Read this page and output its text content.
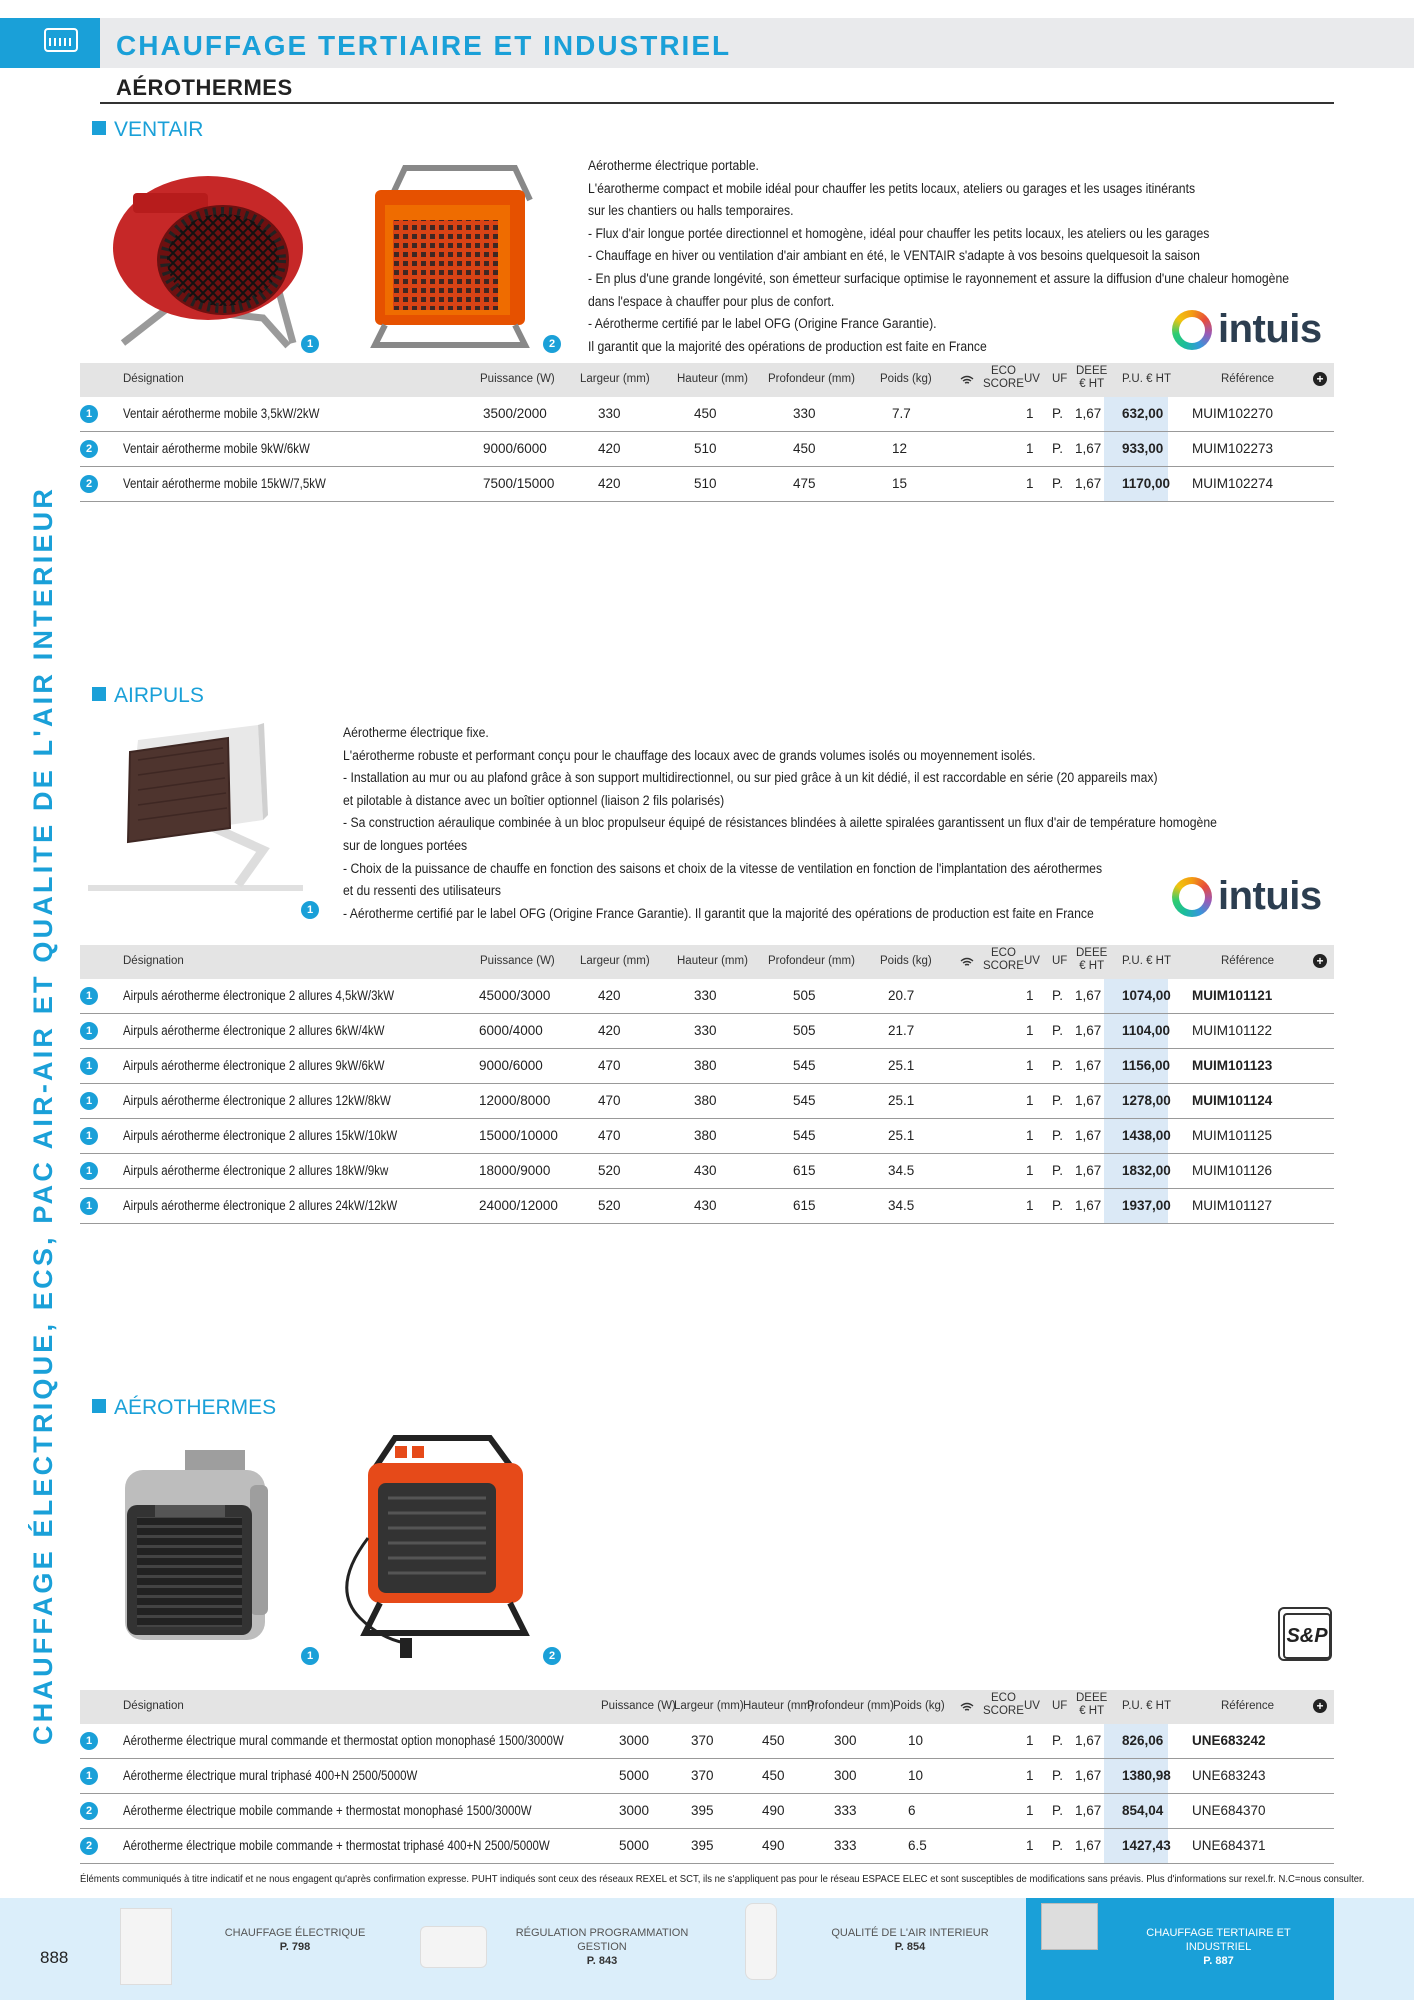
CHAUFFAGE TERTIAIRE ET INDUSTRIEL
AÉROTHERMES
CHAUFFAGE ÉLECTRIQUE, ECS, PAC AIR-AIR ET QUALITE DE L'AIR INTERIEUR
VENTAIR
1	2
Aérotherme électrique portable.
L'éarotherme compact et mobile idéal pour chauffer les petits locaux, ateliers ou garages et les usages itinérants
sur les chantiers ou halls temporaires.
- Flux d'air longue portée directionnel et homogène, idéal pour chauffer les petits locaux, les ateliers ou les garages
- Chauffage en hiver ou ventilation d'air ambiant en été, le VENTAIR s'adapte à vos besoins quelquesoit la saison
- En plus d'une grande longévité, son émetteur surfacique optimise le rayonnement et assure la diffusion d'une chaleur homogène
dans l'espace à chauffer pour plus de confort.
- Aérotherme certifié par le label OFG (Origine France Garantie).
Il garantit que la majorité des opérations de production est faite en France	intuis
Désignation	Puissance (W) Largeur (mm) Hauteur (mm) Profondeur (mm) Poids (kg)
ECO
SCORE UV UF
DEEE
€ HT P.U. € HT	Référence	+
1	Ventair aérotherme mobile 3,5kW/2kW	3500/2000	330	450	330	7.7	1 P. 1,67 632,00 MUIM102270
2	Ventair aérotherme mobile 9kW/6kW	9000/6000	420	510	450	12	1 P. 1,67 933,00 MUIM102273
2	Ventair aérotherme mobile 15kW/7,5kW	7500/15000	420	510	475	15	1 P. 1,67 1170,00 MUIM102274
AIRPULS
1
Aérotherme électrique fixe.
L'aérotherme robuste et performant conçu pour le chauffage des locaux avec de grands volumes isolés ou moyennement isolés.
- Installation au mur ou au plafond grâce à son support multidirectionnel, ou sur pied grâce à un kit dédié, il est raccordable en série (20 appareils max)
et pilotable à distance avec un boîtier optionnel (liaison 2 fils polarisés)
- Sa construction aéraulique combinée à un bloc propulseur équipé de résistances blindées à ailette spiralées garantissent un flux d'air de température homogène
sur de longues portées
- Choix de la puissance de chauffe en fonction des saisons et choix de la vitesse de ventilation en fonction de l'implantation des aérothermes
et du ressenti des utilisateurs
- Aérotherme certifié par le label OFG (Origine France Garantie). Il garantit que la majorité des opérations de production est faite en France	intuis
Désignation	Puissance (W) Largeur (mm) Hauteur (mm) Profondeur (mm) Poids (kg)
ECO
SCORE UV UF
DEEE
€ HT P.U. € HT	Référence	+
1	Airpuls aérotherme électronique 2 allures 4,5kW/3kW	45000/3000	420	330	505	20.7	1 P. 1,67 1074,00 MUIM101121
1	Airpuls aérotherme électronique 2 allures 6kW/4kW	6000/4000	420	330	505	21.7	1 P. 1,67 1104,00 MUIM101122
1	Airpuls aérotherme électronique 2 allures 9kW/6kW	9000/6000	470	380	545	25.1	1 P. 1,67 1156,00 MUIM101123
1	Airpuls aérotherme électronique 2 allures 12kW/8kW	12000/8000	470	380	545	25.1	1 P. 1,67 1278,00 MUIM101124
1	Airpuls aérotherme électronique 2 allures 15kW/10kW	15000/10000	470	380	545	25.1	1 P. 1,67 1438,00 MUIM101125
1	Airpuls aérotherme électronique 2 allures 18kW/9kw	18000/9000	520	430	615	34.5	1 P. 1,67 1832,00 MUIM101126
1	Airpuls aérotherme électronique 2 allures 24kW/12kW	24000/12000	520	430	615	34.5	1 P. 1,67 1937,00 MUIM101127
AÉROTHERMES
1	2
S&P
Désignation	Puissance (W)
Largeur (mm) Hauteur (mm)
Profondeur (mm) Poids (kg)
ECO
SCORE UV UF
DEEE
€ HT P.U. € HT	Référence	+
1	Aérotherme électrique mural commande et thermostat option monophasé 1500/3000W	3000	370	450	300	10	1 P. 1,67 826,06 UNE683242
1	Aérotherme électrique mural triphasé 400+N 2500/5000W	5000	370	450	300	10	1 P. 1,67 1380,98 UNE683243
2	Aérotherme électrique mobile commande + thermostat monophasé 1500/3000W	3000	395	490	333	6	1 P. 1,67 854,04 UNE684370
2	Aérotherme électrique mobile commande + thermostat triphasé 400+N 2500/5000W	5000	395	490	333	6.5	1 P. 1,67 1427,43 UNE684371
Éléments communiqués à titre indicatif et ne nous engagent qu'après confirmation expresse. PUHT indiqués sont ceux des réseaux REXEL et SCT, ils ne s'appliquent pas pour le réseau ESPACE ELEC et sont susceptibles de modifications sans préavis. Plus d'informations sur rexel.fr. N.C=nous consulter.
CHAUFFAGE ÉLECTRIQUE
P. 798
RÉGULATION PROGRAMMATION GESTION
P. 843
QUALITÉ DE L'AIR INTERIEUR
P. 854
CHAUFFAGE TERTIAIRE ET INDUSTRIEL
P. 887
888
